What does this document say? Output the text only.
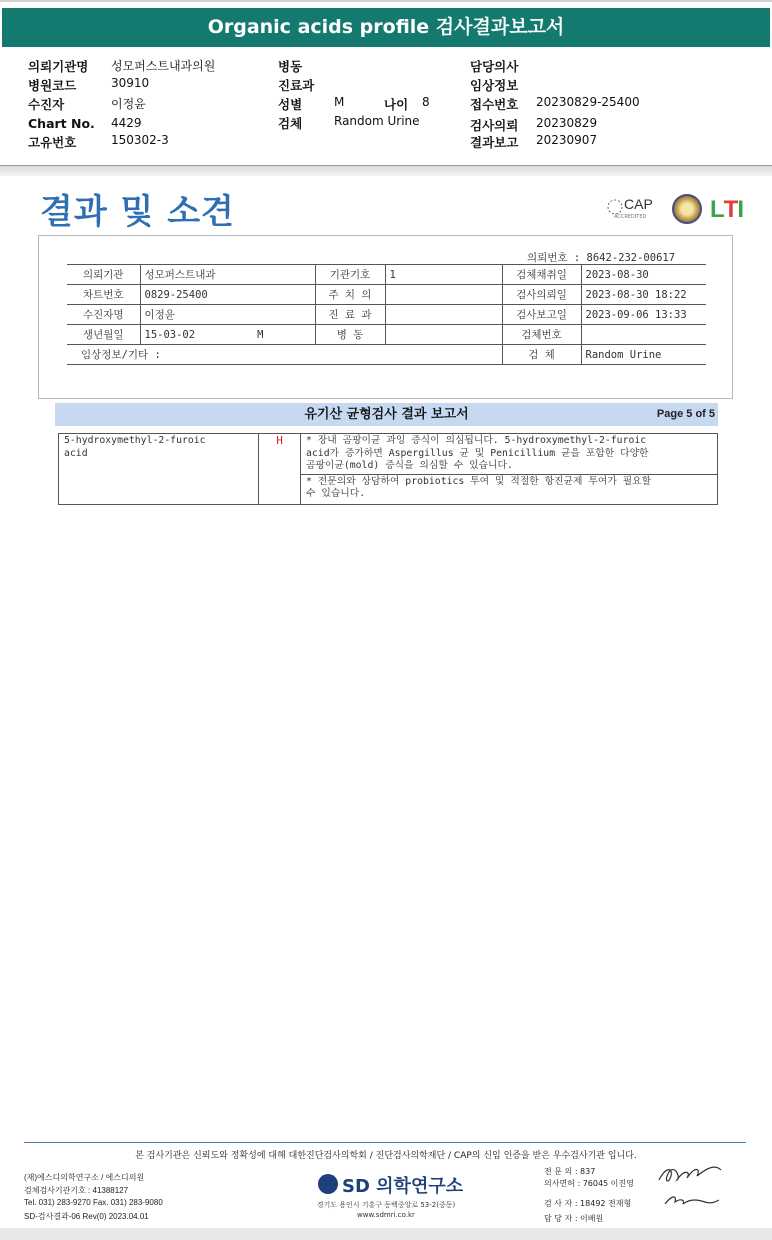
Organic acids profile 검사결과보고서
의뢰기관명 성모퍼스트내과의원
병원코드	30910
수진자	이정윤
Chart No. 4429
고유번호	150302-3
병동
진료과
성별	M	나이 8
검체	Random Urine
담당의사
임상정보
접수번호 20230829-25400
검사의뢰 20230829
결과보고 20230907
결과 및 소견	CAP
ACCREDITED	LTI
의뢰번호 : 8642-232-00617
의뢰기관	성모퍼스트내과	기관기호	1	검체채취일	2023-08-30
차트번호	0829-25400	주 치 의		검사의뢰일	2023-08-30 18:22
수진자명	이정윤	진 료 과		검사보고일	2023-09-06 13:33
생년월일	15-03-02 M	병 동		검체번호	
임상정보/기타 :				검 체	Random Urine
유기산 균형검사 결과 보고서	Page 5 of 5
5-hydroxymethyl-2-furoic
acid
	H	* 장내 곰팡이균 과잉 증식이 의심됩니다. 5-hydroxymethyl-2-furoic
acid가 증가하면 Aspergillus 균 및 Penicillium 균을 포함한 다양한
곰팡이균(mold) 증식을 의심할 수 있습니다.

* 전문의와 상담하여 probiotics 투여 및 적절한 항진균제 투여가 필요할
수 있습니다.
본 검사기관은 신뢰도와 정확성에 대해 대한진단검사의학회 / 진단검사의학재단 / CAP의 신임 인증을 받은 우수검사기관 입니다.
(재)에스디의학연구소 / 에스디의원
검체검사기관기호 : 41388127
Tel. 031) 283-9270 Fax. 031) 283-9080
SD-검사결과-06 Rev(0) 2023.04.01
SD 의학연구소
경기도 용인시 기흥구 동백중앙로 53-2(중동)
www.sdmri.co.kr
전 문 의 : 837
의사면허 : 76045 이진영
검 사 자 : 18492 전재형
담 당 자 : 이배원
